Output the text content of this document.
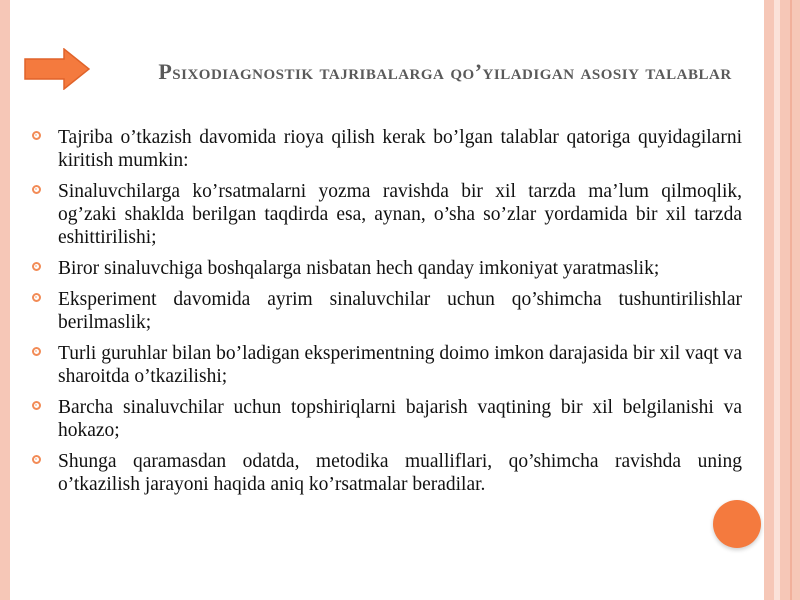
Psixodiagnostik tajribalarga qo’yiladigan asosiy talablar
Tajriba o’tkazish davomida rioya qilish kerak bo’lgan talablar qatoriga quyidagilarni kiritish mumkin:
Sinaluvchilarga ko’rsatmalarni yozma ravishda bir xil tarzda ma’lum qilmoqlik, og’zaki shaklda berilgan taqdirda esa, aynan, o’sha so’zlar yordamida bir xil tarzda eshittirilishi;
Biror sinaluvchiga boshqalarga nisbatan hech qanday imkoniyat yaratmaslik;
Eksperiment davomida ayrim sinaluvchilar uchun qo’shimcha tushuntirilishlar berilmaslik;
Turli guruhlar bilan bo’ladigan eksperimentning doimo imkon darajasida bir xil vaqt va sharoitda o’tkazilishi;
Barcha sinaluvchilar uchun topshiriqlarni bajarish vaqtining bir xil belgilanishi va hokazo;
Shunga qaramasdan odatda, metodika mualliflari, qo’shimcha ravishda uning o’tkazilish jarayoni haqida aniq ko’rsatmalar beradilar.
